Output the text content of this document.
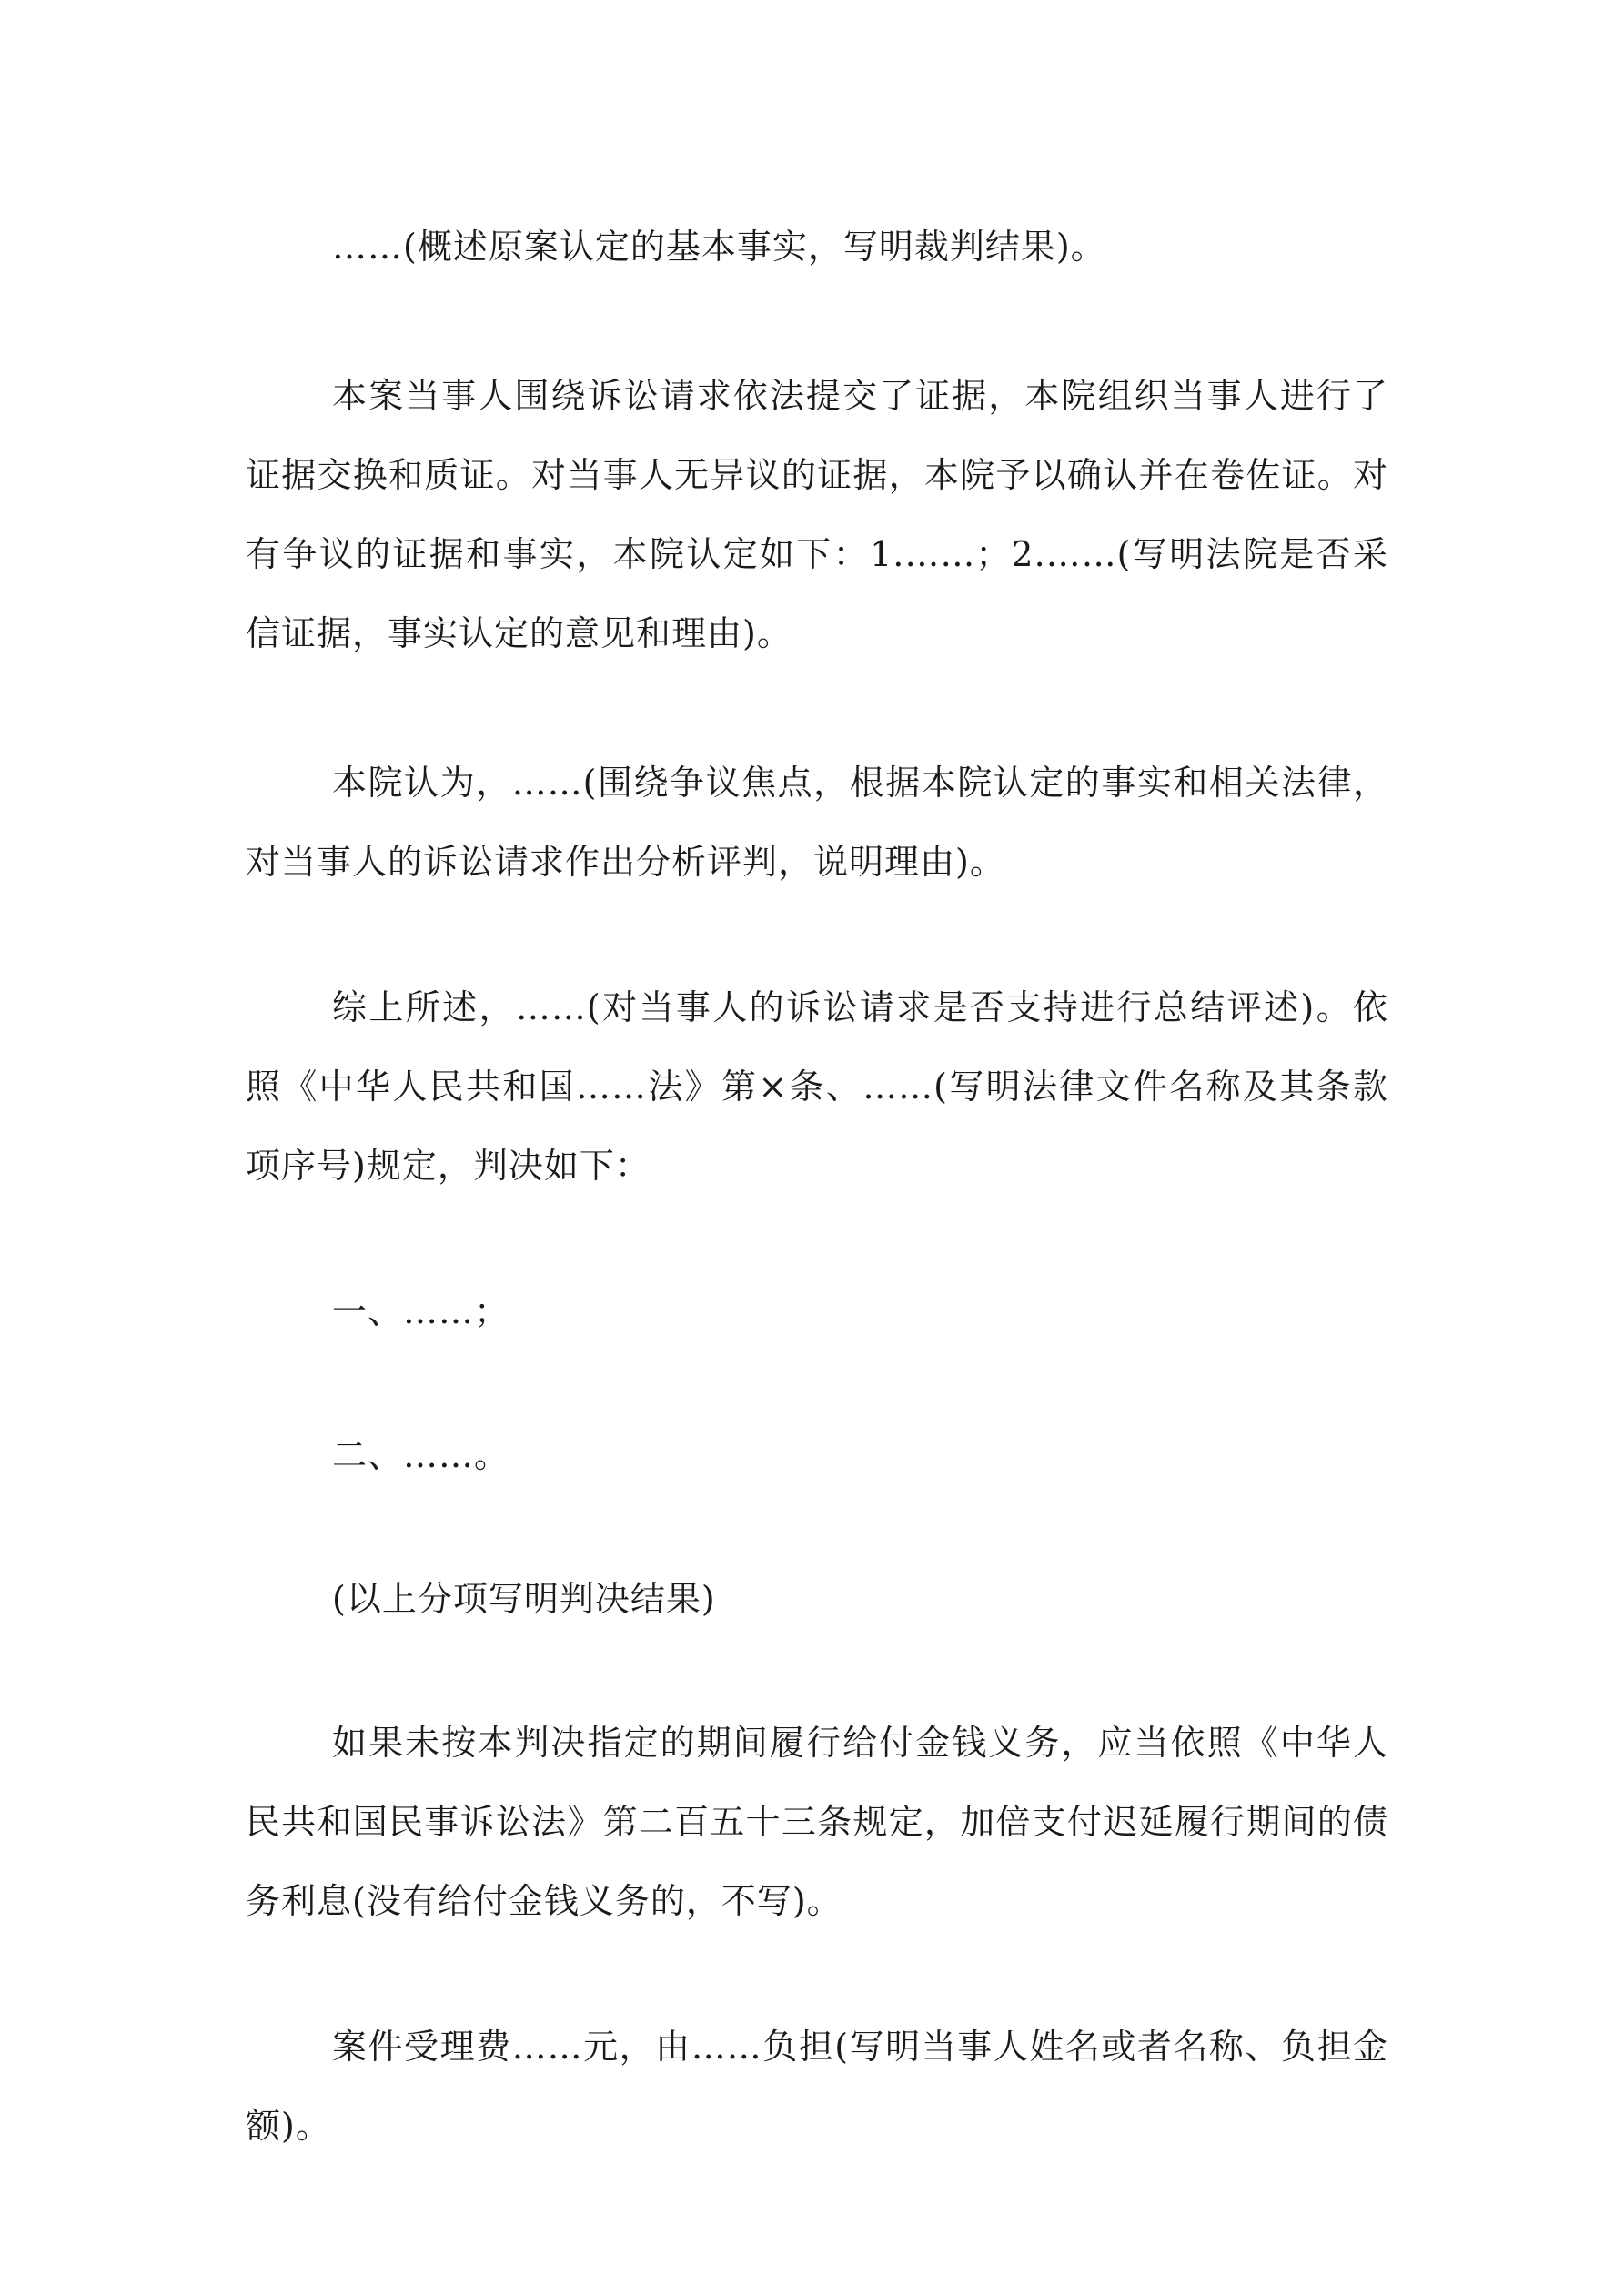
……(概述原案认定的基本事实，写明裁判结果)。

本案当事人围绕诉讼请求依法提交了证据，本院组织当事人进行了证据交换和质证。对当事人无异议的证据，本院予以确认并在卷佐证。对有争议的证据和事实，本院认定如下：1.……；2.……(写明法院是否采信证据，事实认定的意见和理由)。

本院认为，……(围绕争议焦点，根据本院认定的事实和相关法律，对当事人的诉讼请求作出分析评判，说明理由)。

综上所述，……(对当事人的诉讼请求是否支持进行总结评述)。依照《中华人民共和国……法》第×条、……(写明法律文件名称及其条款项序号)规定，判决如下：

一、……；

二、……。

(以上分项写明判决结果)

如果未按本判决指定的期间履行给付金钱义务，应当依照《中华人民共和国民事诉讼法》第二百五十三条规定，加倍支付迟延履行期间的债务利息(没有给付金钱义务的，不写)。

案件受理费……元，由……负担(写明当事人姓名或者名称、负担金额)。
